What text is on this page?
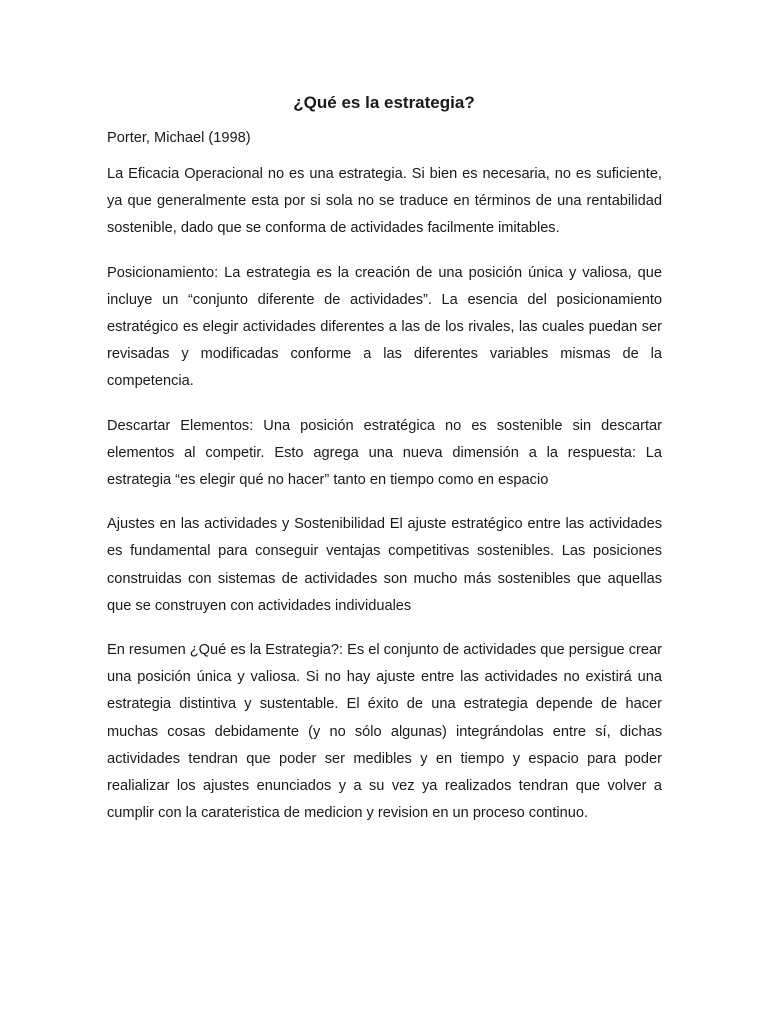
¿Qué es la estrategia?

Porter, Michael (1998)

La Eficacia Operacional no es una estrategia. Si bien es necesaria, no es suficiente, ya que generalmente esta por si sola no se traduce en términos de una rentabilidad sostenible, dado que se conforma de actividades facilmente imitables.

Posicionamiento: La estrategia es la creación de una posición única y valiosa, que incluye un “conjunto diferente de actividades”. La esencia del posicionamiento estratégico es elegir actividades diferentes a las de los rivales, las cuales puedan ser revisadas y modificadas conforme a las diferentes variables mismas de la competencia.

Descartar Elementos: Una posición estratégica no es sostenible sin descartar elementos al competir. Esto agrega una nueva dimensión a la respuesta: La estrategia “es elegir qué no hacer” tanto en tiempo como en espacio

Ajustes en las actividades y Sostenibilidad El ajuste estratégico entre las actividades es fundamental para conseguir ventajas competitivas sostenibles. Las posiciones construidas con sistemas de actividades son mucho más sostenibles que aquellas que se construyen con actividades individuales

En resumen ¿Qué es la Estrategia?: Es el conjunto de actividades que persigue crear una posición única y valiosa. Si no hay ajuste entre las actividades no existirá una estrategia distintiva y sustentable. El éxito de una estrategia depende de hacer muchas cosas debidamente (y no sólo algunas) integrándolas entre sí, dichas actividades tendran que poder ser medibles y en tiempo y espacio para poder realializar los ajustes enunciados y a su vez ya realizados tendran que volver a cumplir con la carateristica de medicion y revision en un proceso continuo.
